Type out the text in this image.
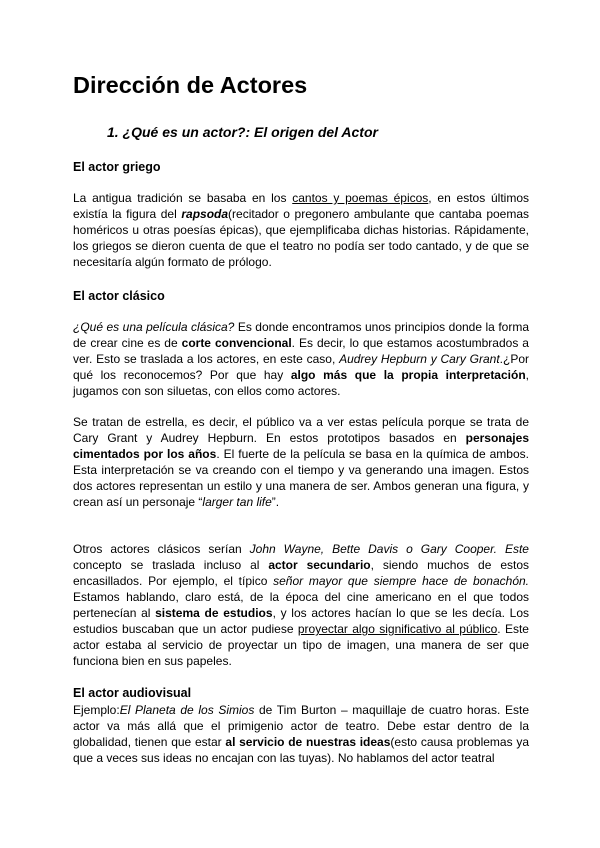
Dirección de Actores
1. ¿Qué es un actor?: El origen del Actor
El actor griego

La antigua tradición se basaba en los cantos y poemas épicos, en estos últimos existía la figura del rapsoda(recitador o pregonero ambulante que cantaba poemas homéricos u otras poesías épicas), que ejemplificaba dichas historias. Rápidamente, los griegos se dieron cuenta de que el teatro no podía ser todo cantado, y de que se necesitaría algún formato de prólogo.

El actor clásico

¿Qué es una película clásica? Es donde encontramos unos principios donde la forma de crear cine es de corte convencional. Es decir, lo que estamos acostumbrados a ver. Esto se traslada a los actores, en este caso, Audrey Hepburn y Cary Grant.¿Por qué los reconocemos? Por que hay algo más que la propia interpretación, jugamos con son siluetas, con ellos como actores.

Se tratan de estrella, es decir, el público va a ver estas película porque se trata de Cary Grant y Audrey Hepburn. En estos prototipos basados en personajes cimentados por los años. El fuerte de la película se basa en la química de ambos. Esta interpretación se va creando con el tiempo y va generando una imagen. Estos dos actores representan un estilo y una manera de ser. Ambos generan una figura, y crean así un personaje “larger tan life”.

Otros actores clásicos serían John Wayne, Bette Davis o Gary Cooper. Este concepto se traslada incluso al actor secundario, siendo muchos de estos encasillados. Por ejemplo, el típico señor mayor que siempre hace de bonachón. Estamos hablando, claro está, de la época del cine americano en el que todos pertenecían al sistema de estudios, y los actores hacían lo que se les decía. Los estudios buscaban que un actor pudiese proyectar algo significativo al público. Este actor estaba al servicio de proyectar un tipo de imagen, una manera de ser que funciona bien en sus papeles.

El actor audiovisual

Ejemplo:El Planeta de los Simios de Tim Burton – maquillaje de cuatro horas. Este actor va más allá que el primigenio actor de teatro. Debe estar dentro de la globalidad, tienen que estar al servicio de nuestras ideas(esto causa problemas ya que a veces sus ideas no encajan con las tuyas). No hablamos del actor teatral
